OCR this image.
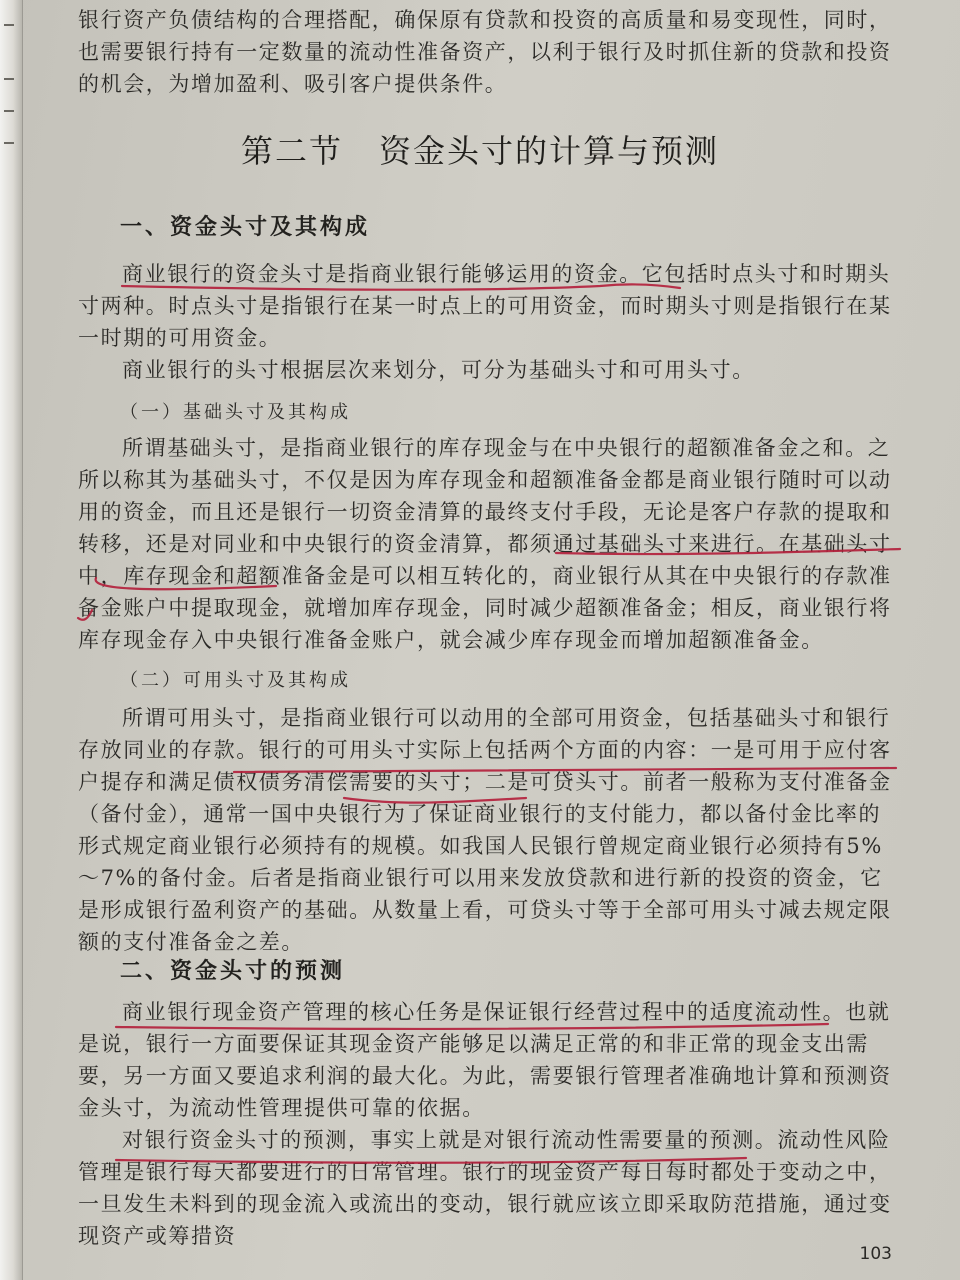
银行资产负债结构的合理搭配，确保原有贷款和投资的高质量和易变现性，同时，也需要银行持有一定数量的流动性准备资产，以利于银行及时抓住新的贷款和投资的机会，为增加盈利、吸引客户提供条件。

第二节 资金头寸的计算与预测
一、资金头寸及其构成

商业银行的资金头寸是指商业银行能够运用的资金。它包括时点头寸和时期头寸两种。时点头寸是指银行在某一时点上的可用资金，而时期头寸则是指银行在某一时期的可用资金。

商业银行的头寸根据层次来划分，可分为基础头寸和可用头寸。

（一）基础头寸及其构成

所谓基础头寸，是指商业银行的库存现金与在中央银行的超额准备金之和。之所以称其为基础头寸，不仅是因为库存现金和超额准备金都是商业银行随时可以动用的资金，而且还是银行一切资金清算的最终支付手段，无论是客户存款的提取和转移，还是对同业和中央银行的资金清算，都须通过基础头寸来进行。在基础头寸中，库存现金和超额准备金是可以相互转化的，商业银行从其在中央银行的存款准备金账户中提取现金，就增加库存现金，同时减少超额准备金；相反，商业银行将库存现金存入中央银行准备金账户，就会减少库存现金而增加超额准备金。

（二）可用头寸及其构成

所谓可用头寸，是指商业银行可以动用的全部可用资金，包括基础头寸和银行存放同业的存款。银行的可用头寸实际上包括两个方面的内容：一是可用于应付客户提存和满足债权债务清偿需要的头寸；二是可贷头寸。前者一般称为支付准备金（备付金），通常一国中央银行为了保证商业银行的支付能力，都以备付金比率的形式规定商业银行必须持有的规模。如我国人民银行曾规定商业银行必须持有5%～7%的备付金。后者是指商业银行可以用来发放贷款和进行新的投资的资金，它是形成银行盈利资产的基础。从数量上看，可贷头寸等于全部可用头寸减去规定限额的支付准备金之差。

二、资金头寸的预测

商业银行现金资产管理的核心任务是保证银行经营过程中的适度流动性。也就是说，银行一方面要保证其现金资产能够足以满足正常的和非正常的现金支出需要，另一方面又要追求利润的最大化。为此，需要银行管理者准确地计算和预测资金头寸，为流动性管理提供可靠的依据。

对银行资金头寸的预测，事实上就是对银行流动性需要量的预测。流动性风险管理是银行每天都要进行的日常管理。银行的现金资产每日每时都处于变动之中，一旦发生未料到的现金流入或流出的变动，银行就应该立即采取防范措施，通过变现资产或筹措资

103
